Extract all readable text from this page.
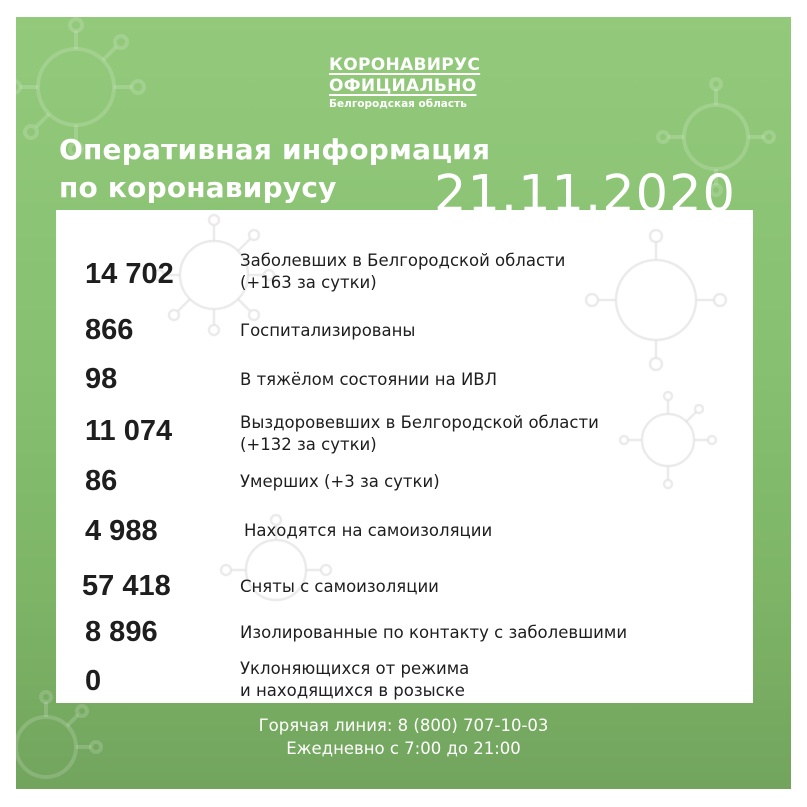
КОРОНАВИРУС
ОФИЦИАЛЬНО
Белгородская область
Оперативная информация
по коронавирусу
14 702	Заболевших в Белгородской области
(+163 за сутки)
866	Госпитализированы
98	В тяжёлом состоянии на ИВЛ
11 074	Выздоровевших в Белгородской области
(+132 за сутки)
86	Умерших (+3 за сутки)
4 988	Находятся на самоизоляции
57 418	Сняты с самоизоляции
8 896	Изолированные по контакту с заболевшими
0	Уклоняющихся от режима
и находящихся в розыске
21.11.2020
Горячая линия: 8 (800) 707-10-03
Ежедневно с 7:00 до 21:00
